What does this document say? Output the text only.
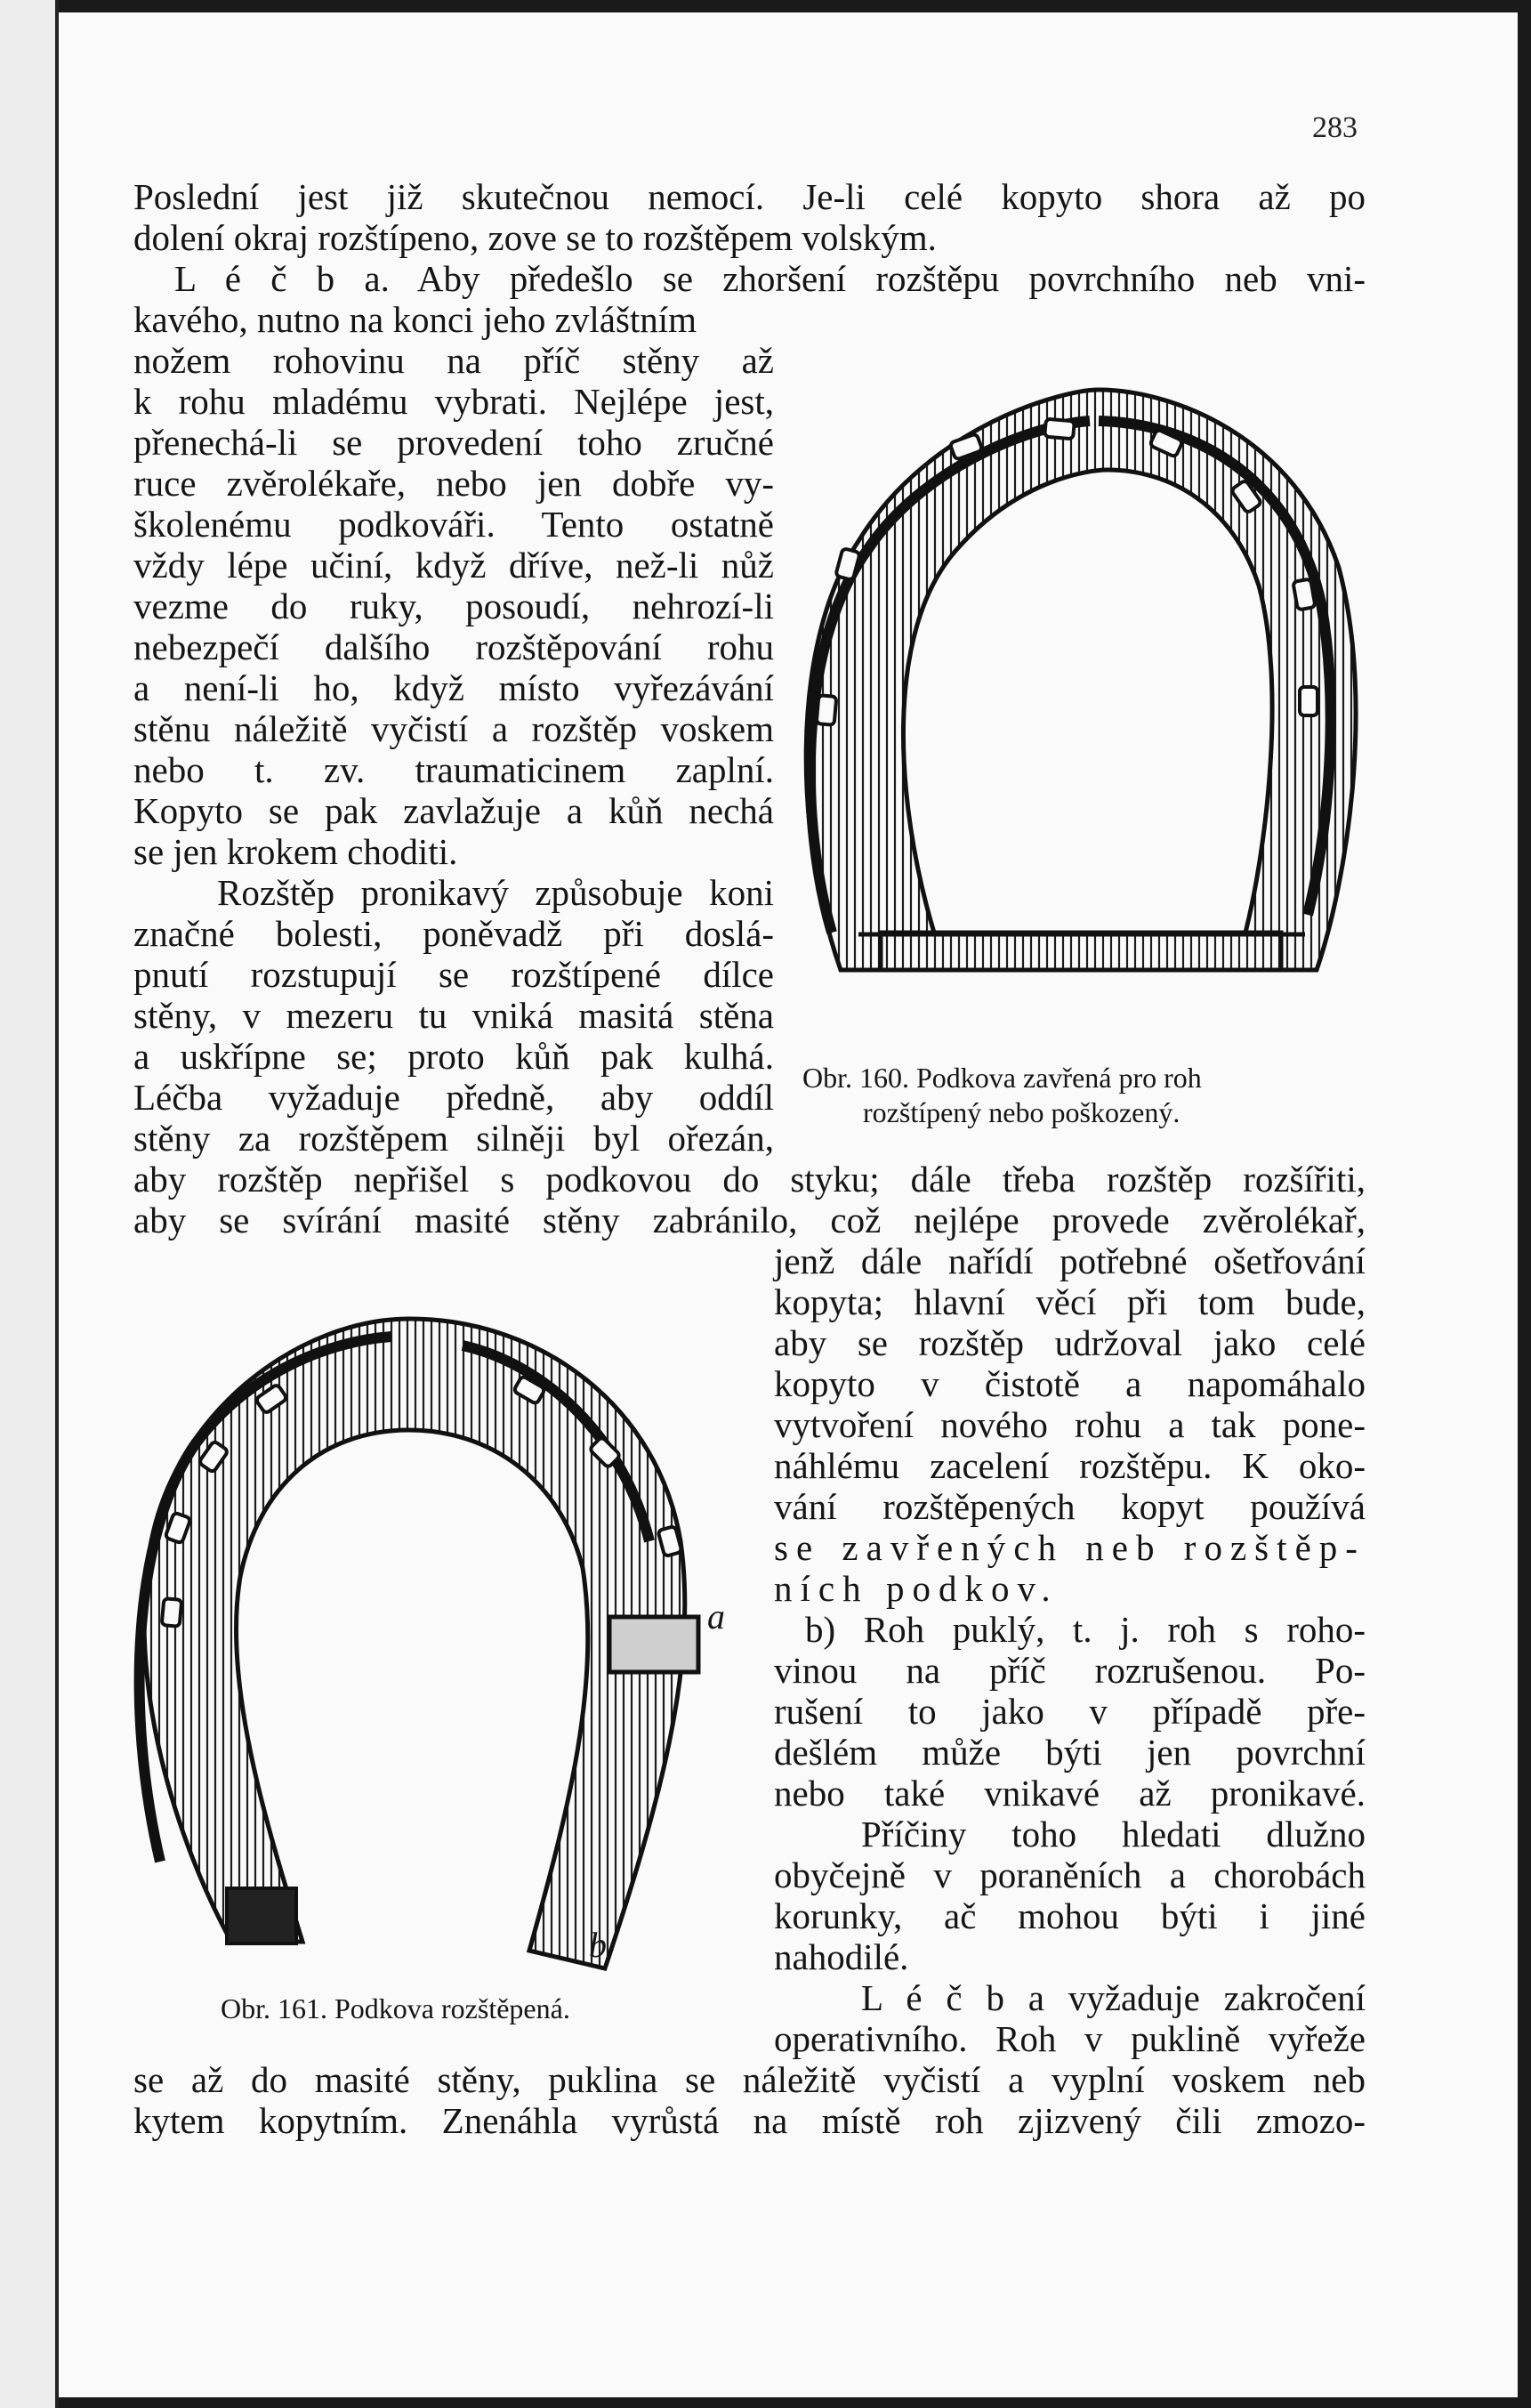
283
Poslední jest již skutečnou nemocí. Je-li celé kopyto shora až po
dolení okraj rozštípeno, zove se to rozštěpem volským.
L é č b a. Aby předešlo se zhoršení rozštěpu povrchního neb vni-
kavého, nutno na konci jeho zvláštním
nožem rohovinu na příč stěny až
k rohu mladému vybrati. Nejlépe jest,
přenechá-li se provedení toho zručné
ruce zvěrolékaře, nebo jen dobře vy-
školenému podkováři. Tento ostatně
vždy lépe učiní, když dříve, než-li nůž
vezme do ruky, posoudí, nehrozí-li
nebezpečí dalšího rozštěpování rohu
a není-li ho, když místo vyřezávání
stěnu náležitě vyčistí a rozštěp voskem
nebo t. zv. traumaticinem zaplní.
Kopyto se pak zavlažuje a kůň nechá
se jen krokem choditi.
Rozštěp pronikavý způsobuje koni
značné bolesti, poněvadž při doslá-
pnutí rozstupují se rozštípené dílce
stěny, v mezeru tu vniká masitá stěna
a uskřípne se; proto kůň pak kulhá.
Léčba vyžaduje předně, aby oddíl
stěny za rozštěpem silněji byl ořezán,
aby rozštěp nepřišel s podkovou do styku; dále třeba rozštěp rozšířiti,
aby se svírání masité stěny zabránilo, což nejlépe provede zvěrolékař,
jenž dále nařídí potřebné ošetřování
kopyta; hlavní věcí při tom bude,
aby se rozštěp udržoval jako celé
kopyto v čistotě a napomáhalo
vytvoření nového rohu a tak pone-
náhlému zacelení rozštěpu. K oko-
vání rozštěpených kopyt používá
se zavřených neb rozštěp-
ních podkov.
b) Roh puklý, t. j. roh s roho-
vinou na příč rozrušenou. Po-
rušení to jako v případě pře-
dešlém může býti jen povrchní
nebo také vnikavé až pronikavé.
Příčiny toho hledati dlužno
obyčejně v poraněních a chorobách
korunky, ač mohou býti i jiné
nahodilé.
L é č b a vyžaduje zakročení
operativního. Roh v puklině vyřeže
se až do masité stěny, puklina se náležitě vyčistí a vyplní voskem neb
kytem kopytním. Znenáhla vyrůstá na místě roh zjizvený čili zmozo-
a
b
Obr. 160. Podkova zavřená pro roh
rozštípený nebo poškozený.
Obr. 161. Podkova rozštěpená.
